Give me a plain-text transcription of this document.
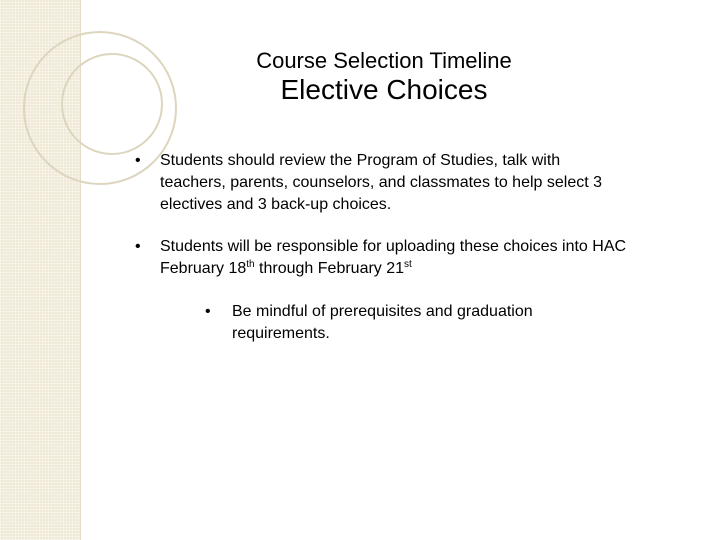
Course Selection Timeline
Elective Choices
•	Students should review the Program of Studies, talk with teachers, parents, counselors, and classmates to help select 3 electives and 3 back-up choices.
•	Students will be responsible for uploading these choices into HAC February 18th through February 21st
•	Be mindful of prerequisites and graduation requirements.
